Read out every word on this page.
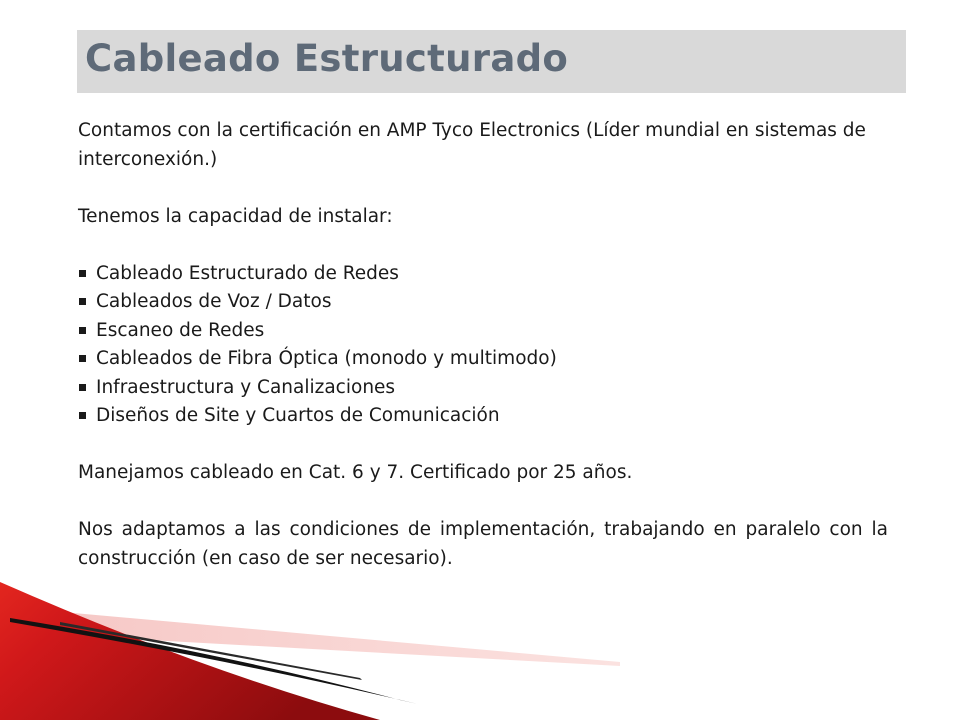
Cableado Estructurado

Contamos con la certificación en AMP Tyco Electronics (Líder mundial en sistemas de interconexión.)

Tenemos la capacidad de instalar:

Cableado Estructurado de Redes
Cableados de Voz / Datos
Escaneo de Redes
Cableados de Fibra Óptica (monodo y multimodo)
Infraestructura y Canalizaciones
Diseños de Site y Cuartos de Comunicación

Manejamos cableado en Cat. 6 y 7. Certificado por 25 años.

Nos adaptamos a las condiciones de implementación, trabajando en paralelo con la construcción (en caso de ser necesario).
